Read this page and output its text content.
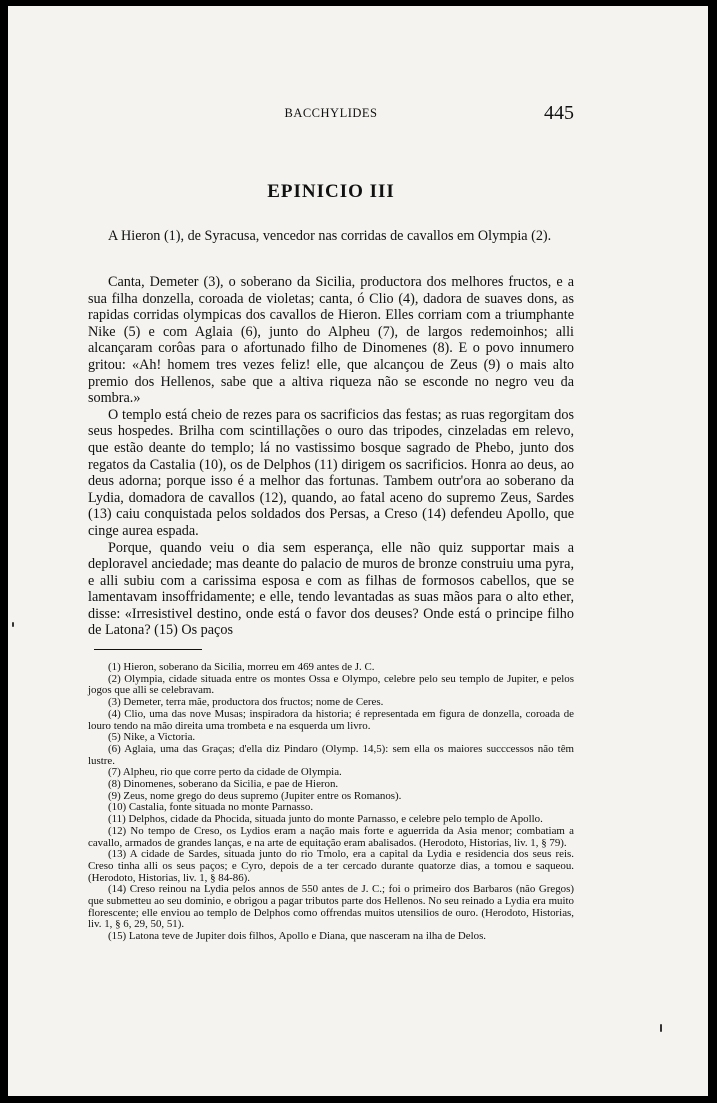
BACCHYLIDES	445
EPINICIO III

A Hieron (1), de Syracusa, vencedor nas corridas de cavallos em Olympia (2).

Canta, Demeter (3), o soberano da Sicilia, productora dos melhores fructos, e a sua filha donzella, coroada de violetas; canta, ó Clio (4), dadora de suaves dons, as rapidas corridas olympicas dos cavallos de Hieron. Elles corriam com a triumphante Nike (5) e com Aglaia (6), junto do Alpheu (7), de largos redemoinhos; alli alcançaram corôas para o afortunado filho de Dinomenes (8). E o povo innumero gritou: «Ah! homem tres vezes feliz! elle, que alcançou de Zeus (9) o mais alto premio dos Hellenos, sabe que a altiva riqueza não se esconde no negro veu da sombra.»

O templo está cheio de rezes para os sacrificios das festas; as ruas regorgitam dos seus hospedes. Brilha com scintillações o ouro das tripodes, cinzeladas em relevo, que estão deante do templo; lá no vastissimo bosque sagrado de Phebo, junto dos regatos da Castalia (10), os de Delphos (11) dirigem os sacrificios. Honra ao deus, ao deus adorna; porque isso é a melhor das fortunas. Tambem outr'ora ao soberano da Lydia, domadora de cavallos (12), quando, ao fatal aceno do supremo Zeus, Sardes (13) caiu conquistada pelos soldados dos Persas, a Creso (14) defendeu Apollo, que cinge aurea espada.

Porque, quando veiu o dia sem esperança, elle não quiz supportar mais a deploravel anciedade; mas deante do palacio de muros de bronze construiu uma pyra, e alli subiu com a carissima esposa e com as filhas de formosos cabellos, que se lamentavam insoffridamente; e elle, tendo levantadas as suas mãos para o alto ether, disse: «Irresistivel destino, onde está o favor dos deuses? Onde está o principe filho de Latona? (15) Os paços

(1) Hieron, soberano da Sicilia, morreu em 469 antes de J. C.

(2) Olympia, cidade situada entre os montes Ossa e Olympo, celebre pelo seu templo de Jupiter, e pelos jogos que alli se celebravam.

(3) Demeter, terra mãe, productora dos fructos; nome de Ceres.

(4) Clio, uma das nove Musas; inspiradora da historia; é representada em figura de donzella, coroada de louro tendo na mão direita uma trombeta e na esquerda um livro.

(5) Nike, a Victoria.

(6) Aglaia, uma das Graças; d'ella diz Pindaro (Olymp. 14,5): sem ella os maiores succcessos não têm lustre.

(7) Alpheu, rio que corre perto da cidade de Olympia.

(8) Dinomenes, soberano da Sicilia, e pae de Hieron.

(9) Zeus, nome grego do deus supremo (Jupiter entre os Romanos).

(10) Castalia, fonte situada no monte Parnasso.

(11) Delphos, cidade da Phocida, situada junto do monte Parnasso, e celebre pelo templo de Apollo.

(12) No tempo de Creso, os Lydios eram a nação mais forte e aguerrida da Asia menor; combatiam a cavallo, armados de grandes lanças, e na arte de equitação eram abalisados. (Herodoto, Historias, liv. 1, § 79).

(13) A cidade de Sardes, situada junto do rio Tmolo, era a capital da Lydia e residencia dos seus reis. Creso tinha alli os seus paços; e Cyro, depois de a ter cercado durante quatorze dias, a tomou e saqueou. (Herodoto, Historias, liv. 1, § 84-86).

(14) Creso reinou na Lydia pelos annos de 550 antes de J. C.; foi o primeiro dos Barbaros (não Gregos) que submetteu ao seu dominio, e obrigou a pagar tributos parte dos Hellenos. No seu reinado a Lydia era muito florescente; elle enviou ao templo de Delphos como offrendas muitos utensilios de ouro. (Herodoto, Historias, liv. 1, § 6, 29, 50, 51).

(15) Latona teve de Jupiter dois filhos, Apollo e Diana, que nasceram na ilha de Delos.
